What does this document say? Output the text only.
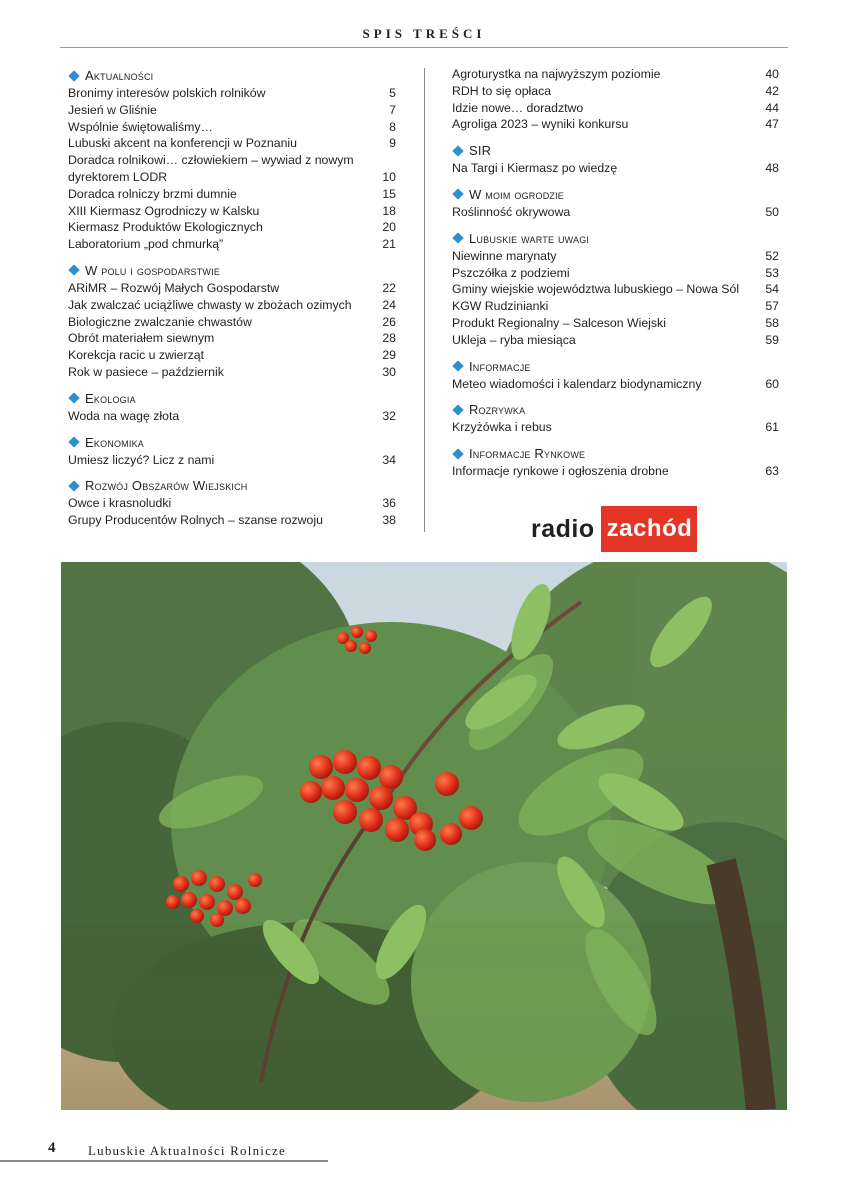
SPIS TREŚCI
Aktualności
Bronimy interesów polskich rolników	5
Jesień w Gliśnie	7
Wspólnie świętowaliśmy…	8
Lubuski akcent na konferencji w Poznaniu	9
Doradca rolnikowi… człowiekiem – wywiad z nowym
dyrektorem LODR	10
Doradca rolniczy brzmi dumnie	15
XIII Kiermasz Ogrodniczy w Kalsku	18
Kiermasz Produktów Ekologicznych	20
Laboratorium „pod chmurką”	21
W polu i gospodarstwie
ARiMR – Rozwój Małych Gospodarstw	22
Jak zwalczać uciążliwe chwasty w zbożach ozimych	24
Biologiczne zwalczanie chwastów	26
Obrót materiałem siewnym	28
Korekcja racic u zwierząt	29
Rok w pasiece – październik	30
Ekologia
Woda na wagę złota	32
Ekonomika
Umiesz liczyć? Licz z nami	34
Rozwój Obszarów Wiejskich
Owce i krasnoludki	36
Grupy Producentów Rolnych – szanse rozwoju	38
Agroturystka na najwyższym poziomie	40
RDH to się opłaca	42
Idzie nowe… doradztwo	44
Agroliga 2023 – wyniki konkursu	47
SIR
Na Targi i Kiermasz po wiedzę	48
W moim ogrodzie
Roślinność okrywowa	50
Lubuskie warte uwagi
Niewinne marynaty	52
Pszczółka z podziemi	53
Gminy wiejskie województwa lubuskiego – Nowa Sól	54
KGW Rudzinianki	57
Produkt Regionalny – Salceson Wiejski	58
Ukleja – ryba miesiąca	59
Informacje
Meteo wiadomości i kalendarz biodynamiczny	60
Rozrywka
Krzyżówka i rebus	61
Informacje Rynkowe
Informacje rynkowe i ogłoszenia drobne	63
radio zachód
4	Lubuskie Aktualności Rolnicze
